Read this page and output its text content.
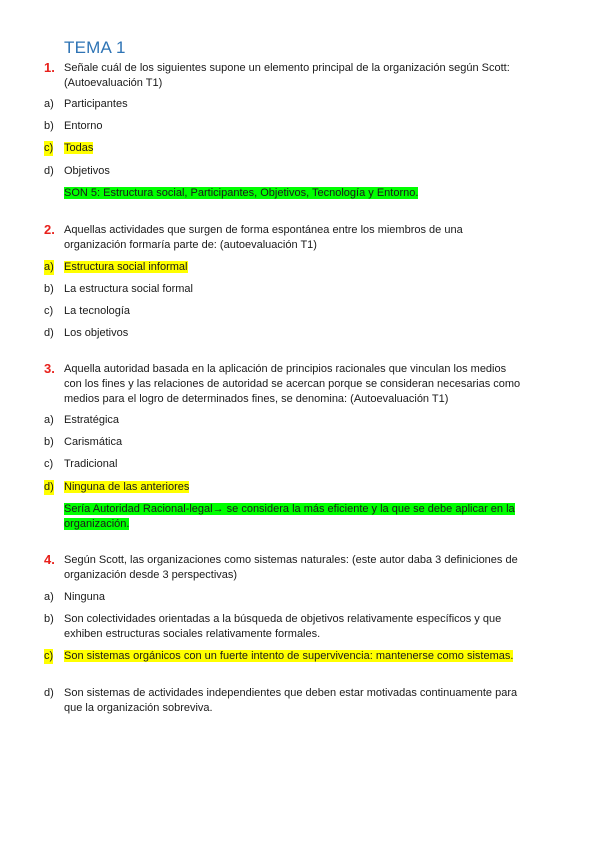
TEMA 1
1. Señale cuál de los siguientes supone un elemento principal de la organización según Scott: (Autoevaluación T1)
a) Participantes
b) Entorno
c) Todas
d) Objetivos
SON 5: Estructura social, Participantes, Objetivos, Tecnología y Entorno.
2. Aquellas actividades que surgen de forma espontánea entre los miembros de una organización formaría parte de: (autoevaluación T1)
a) Estructura social informal
b) La estructura social formal
c) La tecnología
d) Los objetivos
3. Aquella autoridad basada en la aplicación de principios racionales que vinculan los medios con los fines y las relaciones de autoridad se acercan porque se consideran necesarias como medios para el logro de determinados fines, se denomina: (Autoevaluación T1)
a) Estratégica
b) Carismática
c) Tradicional
d) Ninguna de las anteriores
Sería Autoridad Racional-legal→ se considera la más eficiente y la que se debe aplicar en la organización.
4. Según Scott, las organizaciones como sistemas naturales: (este autor daba 3 definiciones de organización desde 3 perspectivas)
a) Ninguna
b) Son colectividades orientadas a la búsqueda de objetivos relativamente específicos y que exhiben estructuras sociales relativamente formales.
c) Son sistemas orgánicos con un fuerte intento de supervivencia: mantenerse como sistemas.
d) Son sistemas de actividades independientes que deben estar motivadas continuamente para que la organización sobreviva.
